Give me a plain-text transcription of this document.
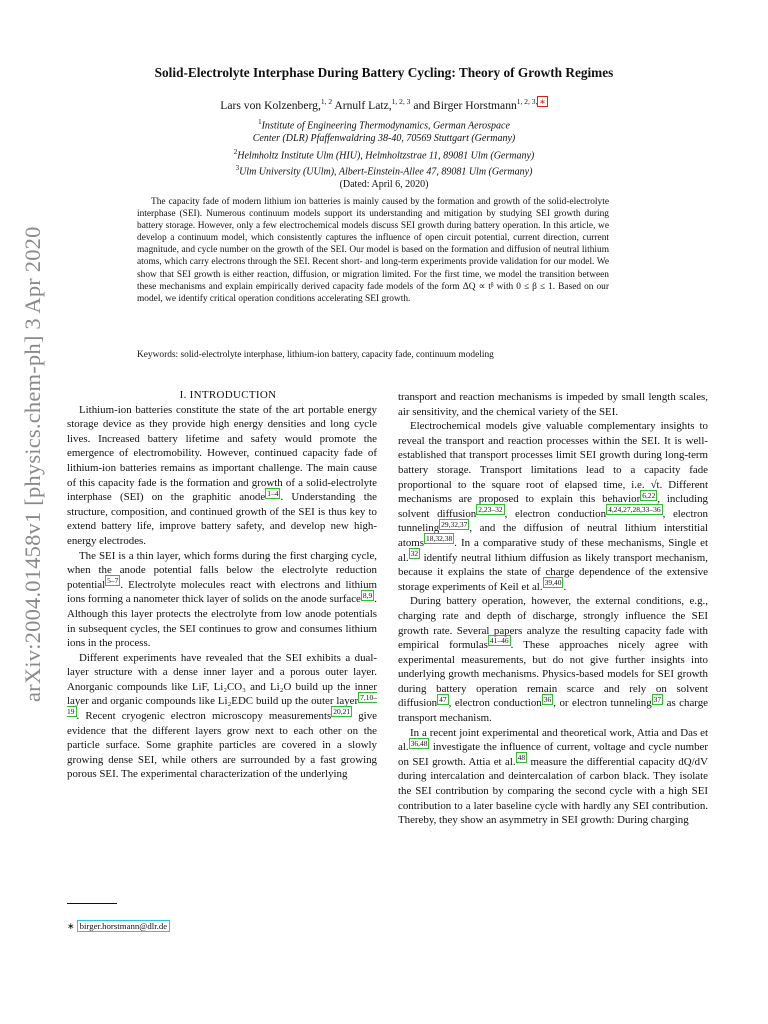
arXiv:2004.01458v1 [physics.chem-ph] 3 Apr 2020
Solid-Electrolyte Interphase During Battery Cycling: Theory of Growth Regimes
Lars von Kolzenberg,$^{1, 2}$ Arnulf Latz,$^{1, 2, 3}$ and Birger Horstmann$^{1, 2, 3,}$ ∗
$^1$Institute of Engineering Thermodynamics, German Aerospace
Center (DLR) Pfaffenwaldring 38-40, 70569 Stuttgart (Germany)
$^2$Helmholtz Institute Ulm (HIU), Helmholtzstrae 11, 89081 Ulm (Germany)
$^3$Ulm University (UUlm), Albert-Einstein-Allee 47, 89081 Ulm (Germany)
(Dated: April 6, 2020)
The capacity fade of modern lithium ion batteries is mainly caused by the formation and growth of the solid-electrolyte interphase (SEI). Numerous continuum models support its understanding and mitigation by studying SEI growth during battery storage. However, only a few electrochemical models discuss SEI growth during battery operation. In this article, we develop a continuum model, which consistently captures the influence of open circuit potential, current direction, current magnitude, and cycle number on the growth of the SEI. Our model is based on the formation and diffusion of neutral lithium atoms, which carry electrons through the SEI. Recent short- and long-term experiments provide validation for our model. We show that SEI growth is either reaction, diffusion, or migration limited. For the first time, we model the transition between these mechanisms and explain empirically derived capacity fade models of the form ΔQ ∝ tᵝ with 0 ≤ β ≤ 1. Based on our model, we identify critical operation conditions accelerating SEI growth.
Keywords: solid-electrolyte interphase, lithium-ion battery, capacity fade, continuum modeling

I. INTRODUCTION

Lithium-ion batteries constitute the state of the art portable energy storage device as they provide high energy densities and long cycle lives. Increased battery lifetime and safety would promote the emergence of electromobility. However, continued capacity fade of lithium-ion batteries remains as important challenge. The main cause of this capacity fade is the formation and growth of a solid-electrolyte interphase (SEI) on the graphitic anode $^{1-4}$ . Understanding the structure, composition, and continued growth of the SEI is thus key to extend battery life, improve battery safety, and develop new high-energy electrodes.

The SEI is a thin layer, which forms during the first charging cycle, when the anode potential falls below the electrolyte reduction potential $^{5-7}$ . Electrolyte molecules react with electrons and lithium ions forming a nanometer thick layer of solids on the anode surface $^{8,9}$ . Although this layer protects the electrolyte from low anode potentials in subsequent cycles, the SEI continues to grow and consumes lithium ions in the process.

Different experiments have revealed that the SEI exhibits a dual-layer structure with a dense inner layer and a porous outer layer. Anorganic compounds like LiF, Li₂CO₃ and Li₂O build up the inner layer and organic compounds like Li₂EDC build up the outer layer $^{7,10-19}$ . Recent cryogenic electron microscopy measurements $^{20,21}$ give evidence that the different layers grow next to each other on the particle surface. Some graphite particles are covered in a slowly growing dense SEI, while others are surrounded by a fast growing porous SEI. The experimental characterization of the underlying

transport and reaction mechanisms is impeded by small length scales, air sensitivity, and the chemical variety of the SEI.

Electrochemical models give valuable complementary insights to reveal the transport and reaction processes within the SEI. It is well-established that transport processes limit SEI growth during long-term battery storage. Transport limitations lead to a capacity fade proportional to the square root of elapsed time, i.e. √t. Different mechanisms are proposed to explain this behavior $^{6,22}$ , including solvent diffusion $^{2,23-32}$ , electron conduction $^{4,24,27,28,33-36}$ , electron tunneling $^{29,32,37}$ , and the diffusion of neutral lithium interstitial atoms $^{18,32,38}$ . In a comparative study of these mechanisms, Single et al. $^{32}$ identify neutral lithium diffusion as likely transport mechanism, because it explains the state of charge dependence of the extensive storage experiments of Keil et al. $^{39,40}$ .

During battery operation, however, the external conditions, e.g., charging rate and depth of discharge, strongly influence the SEI growth rate. Several papers analyze the resulting capacity fade with empirical formulas $^{41-46}$ . These approaches nicely agree with experimental measurements, but do not give further insights into underlying growth mechanisms. Physics-based models for SEI growth during battery operation remain scarce and rely on solvent diffusion $^{47}$ , electron conduction $^{36}$ , or electron tunneling $^{37}$ as charge transport mechanism.

In a recent joint experimental and theoretical work, Attia and Das et al. $^{36,48}$ investigate the influence of current, voltage and cycle number on SEI growth. Attia et al. $^{48}$ measure the differential capacity dQ/dV during intercalation and deintercalation of carbon black. They isolate the SEI contribution by comparing the second cycle with a high SEI contribution to a later baseline cycle with hardly any SEI contribution. Thereby, they show an asymmetry in SEI growth: During charging

∗ birger.horstmann@dlr.de
